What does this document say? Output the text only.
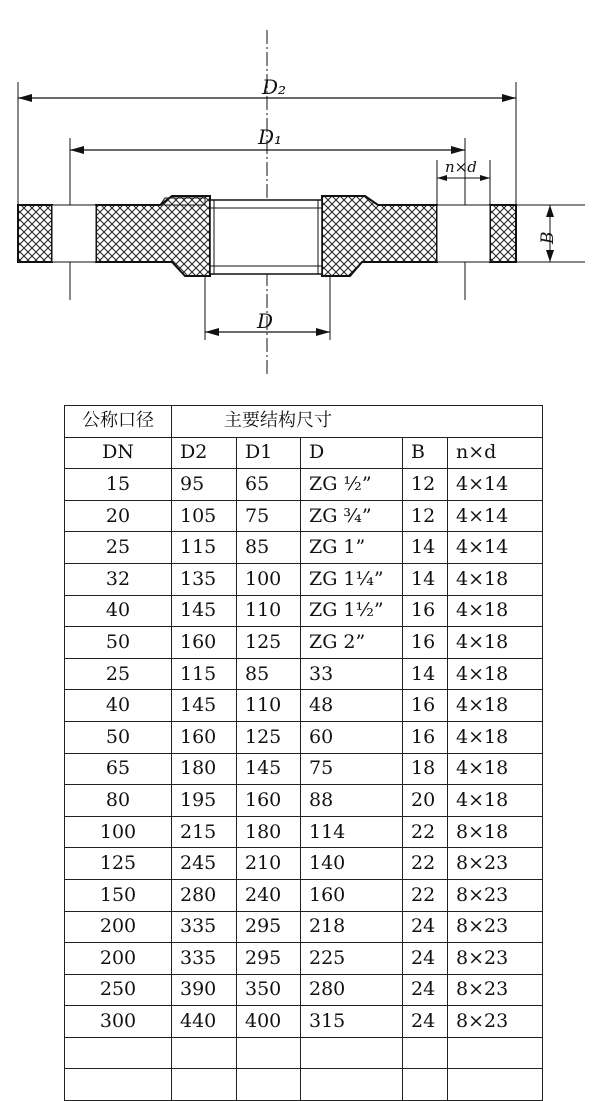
D₂
D₁
n×d
B
D
公称口径	主要结构尺寸				
DN	D2	D1	D	B	n×d
15	95	65	ZG ½”	12	4×14
20	105	75	ZG ¾”	12	4×14
25	115	85	ZG 1”	14	4×14
32	135	100	ZG 1¼”	14	4×18
40	145	110	ZG 1½”	16	4×18
50	160	125	ZG 2”	16	4×18
25	115	85	33	14	4×18
40	145	110	48	16	4×18
50	160	125	60	16	4×18
65	180	145	75	18	4×18
80	195	160	88	20	4×18
100	215	180	114	22	8×18
125	245	210	140	22	8×23
150	280	240	160	22	8×23
200	335	295	218	24	8×23
200	335	295	225	24	8×23
250	390	350	280	24	8×23
300	440	400	315	24	8×23
